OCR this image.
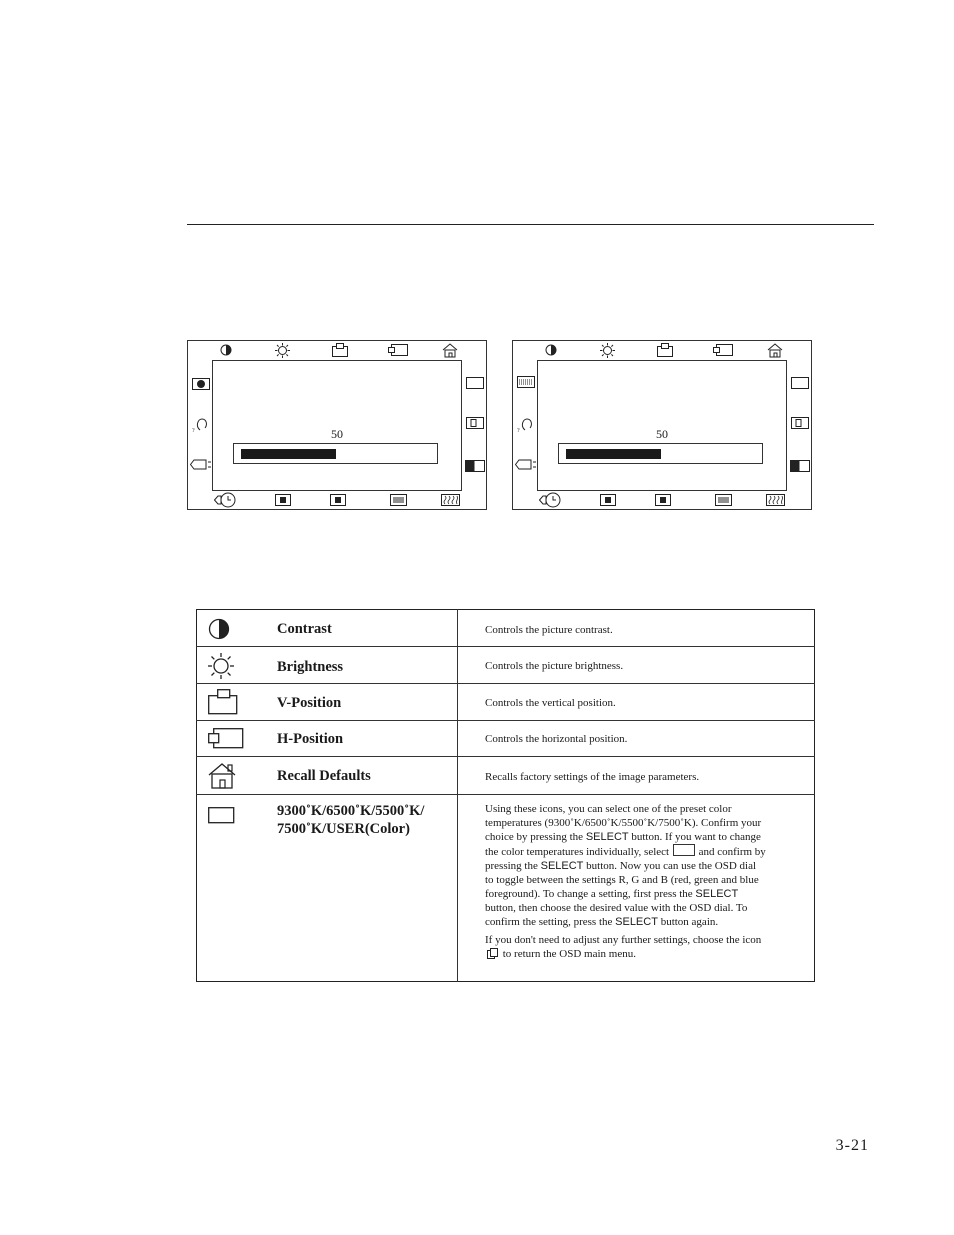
?	50	?	50
Contrast	Controls the picture contrast.

Brightness	Controls the picture brightness.

V-Position	Controls the vertical position.

H-Position	Controls the horizontal position.

Recall Defaults	Recalls factory settings of the image parameters.

9300˚K/6500˚K/5500˚K/
7500˚K/USER(Color)	Using these icons, you can select one of the preset color temperatures (9300˚K/6500˚K/5500˚K/7500˚K). Confirm your choice by pressing the SELECT button. If you want to change the color temperatures individually, select  and confirm by pressing the SELECT button. Now you can use the OSD dial to toggle between the settings R, G and B (red, green and blue foreground). To change a setting, first press the SELECT button, then choose the desired value with the OSD dial. To confirm the setting, press the SELECT button again.
If you don't need to adjust any further settings, choose the icon  to return the OSD main menu.
3-21
